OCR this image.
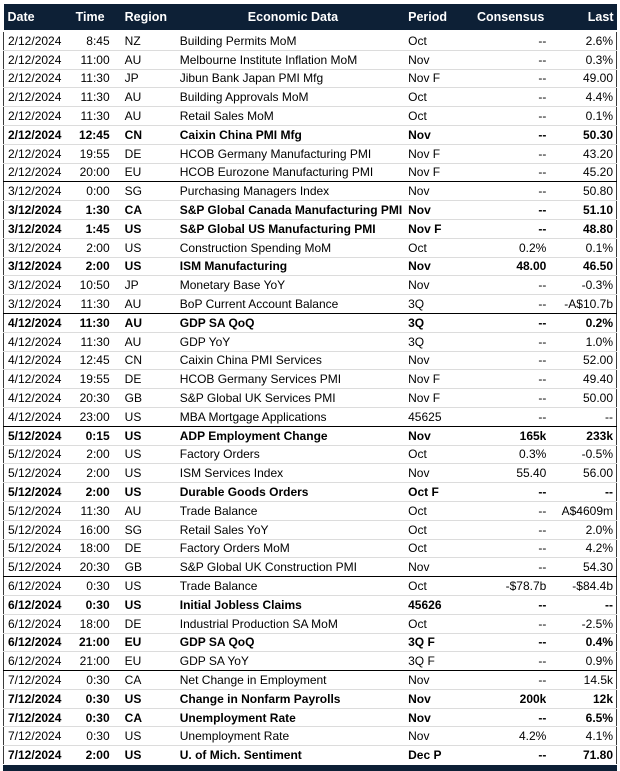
Date	Time	Region	Economic Data	Period	Consensus	Last
2/12/2024	8:45	NZ	Building Permits MoM	Oct	--	2.6%
2/12/2024	11:00	AU	Melbourne Institute Inflation MoM	Nov	--	0.3%
2/12/2024	11:30	JP	Jibun Bank Japan PMI Mfg	Nov F	--	49.00
2/12/2024	11:30	AU	Building Approvals MoM	Oct	--	4.4%
2/12/2024	11:30	AU	Retail Sales MoM	Oct	--	0.1%
2/12/2024	12:45	CN	Caixin China PMI Mfg	Nov	--	50.30
2/12/2024	19:55	DE	HCOB Germany Manufacturing PMI	Nov F	--	43.20
2/12/2024	20:00	EU	HCOB Eurozone Manufacturing PMI	Nov F	--	45.20
3/12/2024	0:00	SG	Purchasing Managers Index	Nov	--	50.80
3/12/2024	1:30	CA	S&P Global Canada Manufacturing PMI	Nov	--	51.10
3/12/2024	1:45	US	S&P Global US Manufacturing PMI	Nov F	--	48.80
3/12/2024	2:00	US	Construction Spending MoM	Oct	0.2%	0.1%
3/12/2024	2:00	US	ISM Manufacturing	Nov	48.00	46.50
3/12/2024	10:50	JP	Monetary Base YoY	Nov	--	-0.3%
3/12/2024	11:30	AU	BoP Current Account Balance	3Q	--	-A$10.7b
4/12/2024	11:30	AU	GDP SA QoQ	3Q	--	0.2%
4/12/2024	11:30	AU	GDP YoY	3Q	--	1.0%
4/12/2024	12:45	CN	Caixin China PMI Services	Nov	--	52.00
4/12/2024	19:55	DE	HCOB Germany Services PMI	Nov F	--	49.40
4/12/2024	20:30	GB	S&P Global UK Services PMI	Nov F	--	50.00
4/12/2024	23:00	US	MBA Mortgage Applications	45625	--	--
5/12/2024	0:15	US	ADP Employment Change	Nov	165k	233k
5/12/2024	2:00	US	Factory Orders	Oct	0.3%	-0.5%
5/12/2024	2:00	US	ISM Services Index	Nov	55.40	56.00
5/12/2024	2:00	US	Durable Goods Orders	Oct F	--	--
5/12/2024	11:30	AU	Trade Balance	Oct	--	A$4609m
5/12/2024	16:00	SG	Retail Sales YoY	Oct	--	2.0%
5/12/2024	18:00	DE	Factory Orders MoM	Oct	--	4.2%
5/12/2024	20:30	GB	S&P Global UK Construction PMI	Nov	--	54.30
6/12/2024	0:30	US	Trade Balance	Oct	-$78.7b	-$84.4b
6/12/2024	0:30	US	Initial Jobless Claims	45626	--	--
6/12/2024	18:00	DE	Industrial Production SA MoM	Oct	--	-2.5%
6/12/2024	21:00	EU	GDP SA QoQ	3Q F	--	0.4%
6/12/2024	21:00	EU	GDP SA YoY	3Q F	--	0.9%
7/12/2024	0:30	CA	Net Change in Employment	Nov	--	14.5k
7/12/2024	0:30	US	Change in Nonfarm Payrolls	Nov	200k	12k
7/12/2024	0:30	CA	Unemployment Rate	Nov	--	6.5%
7/12/2024	0:30	US	Unemployment Rate	Nov	4.2%	4.1%
7/12/2024	2:00	US	U. of Mich. Sentiment	Dec P	--	71.80
